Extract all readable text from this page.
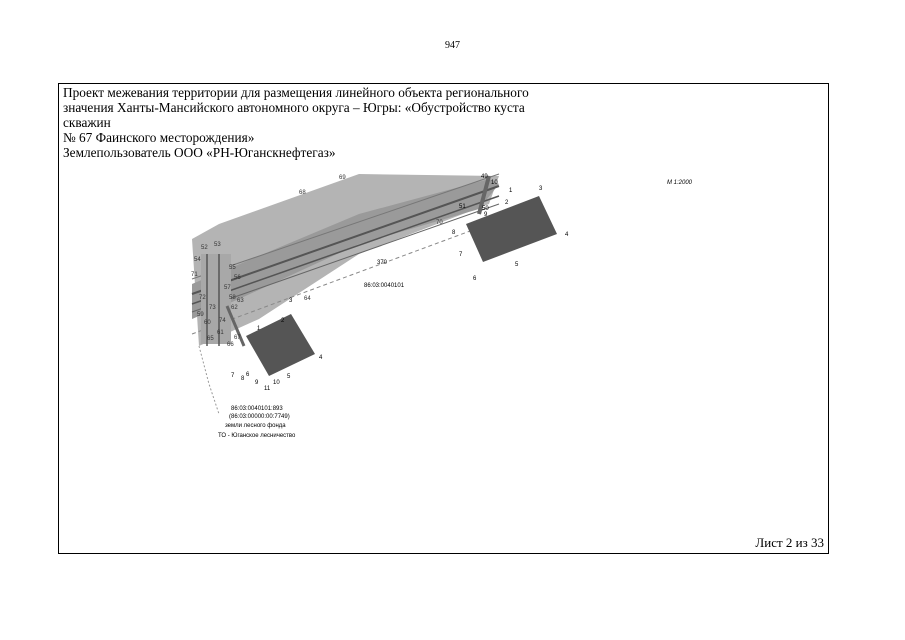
947
М 1:2000
86:03:0040101
370
86:03:0040101:893
(86:03:00000:00:7749)
земли лесного фонда
ТО - Юганское лесничество
1
2
3
4
5
6
7
8
9
50
51
49
10
1
2
3
4
5
6
7 8
9 10
11
52 53
54
55
56
57
58
59
60
61
62
63	64
65
66
67
68
69
70
71
72
73
74
Проект межевания территории для размещения линейного объекта регионального
значения Ханты-Мансийского автономного округа – Югры: «Обустройство куста
скважин
№ 67 Фаинского месторождения»
Землепользователь ООО «РН-Юганскнефтегаз»
Лист 2 из 33
